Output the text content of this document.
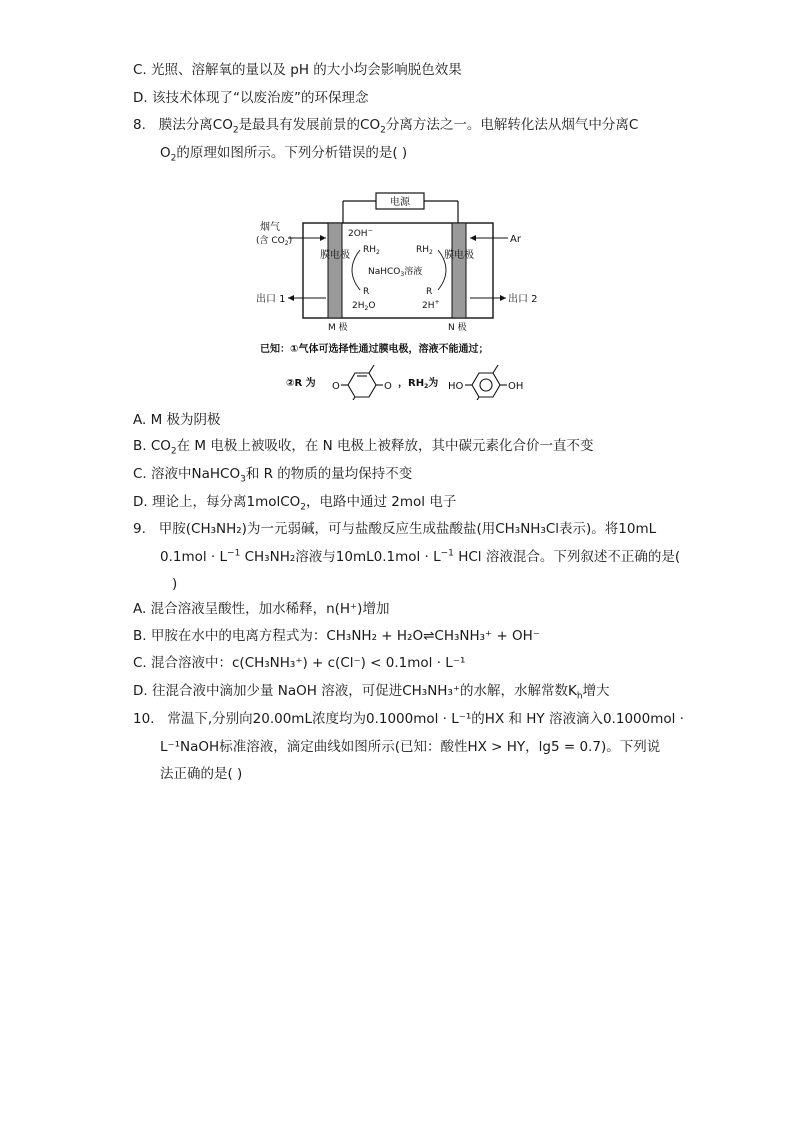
C. 光照、溶解氧的量以及 pH 的大小均会影响脱色效果
D. 该技术体现了“以废治废”的环保理念
8. 膜法分离$CO_2$是最具有发展前景的$CO_2$分离方法之一。电解转化法从烟气中分离C
$O_2$的原理如图所示。下列分析错误的是( )
电源
膜电极	膜电极
烟气
(含 $CO_2$)	Ar
出口 1	出口 2
2OH−
$RH_2$
R
$2H_2O$
NaHCO$_3$溶液
$RH_2$
R
2H+
M 极	N 极
已知：①气体可选择性通过膜电极，溶液不能通过；
②R 为 O	O ，$RH_2$为 HO	OH
A. M 极为阴极
B. $CO_2$在 M 电极上被吸收，在 N 电极上被释放，其中碳元素化合价一直不变
C. 溶液中NaHCO$_3$和 R 的物质的量均保持不变
D. 理论上，每分离1molCO$_2$，电路中通过 2mol 电子
9. 甲胺(CH₃NH₂)为一元弱碱，可与盐酸反应生成盐酸盐(用CH₃NH₃Cl表示)。将10mL
$0.1mol \cdot L^{-1}$ CH₃NH₂溶液与$10mL0.1mol \cdot L^{-1}$ HCl 溶液混合。下列叙述不正确的是(
)
A. 混合溶液呈酸性，加水稀释，n(H⁺)增加
B. 甲胺在水中的电离方程式为：CH₃NH₂ + H₂O⇌CH₃NH₃⁺ + OH⁻
C. 混合溶液中：c(CH₃NH₃⁺) + c(Cl⁻) < 0.1mol · L⁻¹
D. 往混合液中滴加少量 NaOH 溶液，可促进CH₃NH₃⁺的水解，水解常数$K_h$增大
10. 常温下,分别向20.00mL浓度均为0.1000mol · L⁻¹的HX 和 HY 溶液滴入0.1000mol ·
L⁻¹NaOH标准溶液，滴定曲线如图所示(已知：酸性HX > HY，lg5 = 0.7)。下列说
法正确的是( )
